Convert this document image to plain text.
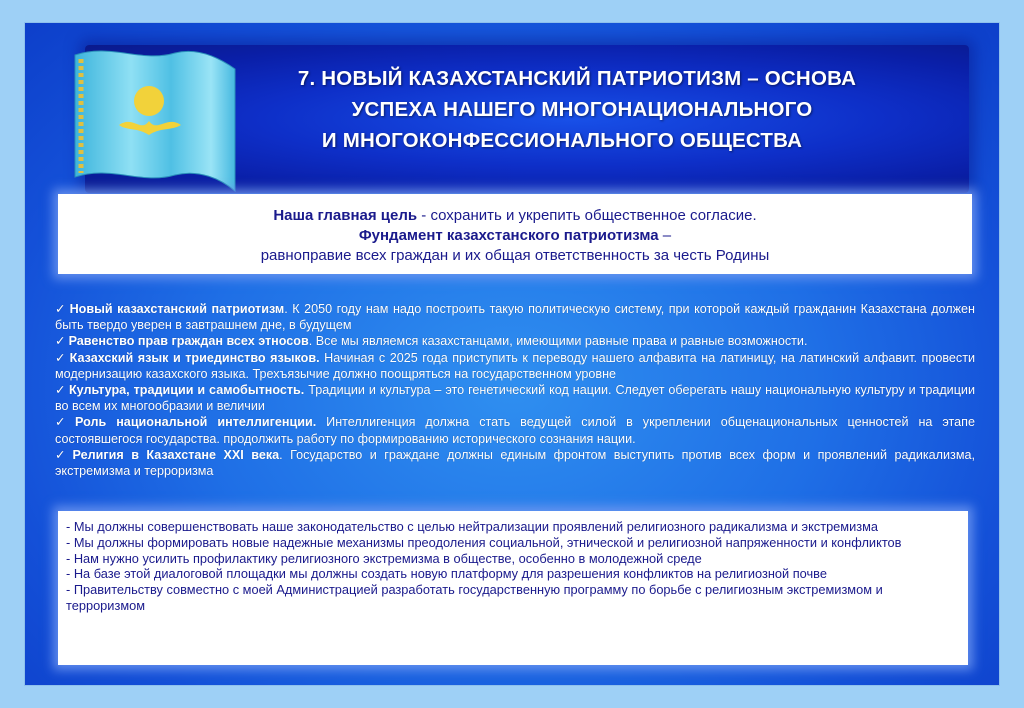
7. НОВЫЙ КАЗАХСТАНСКИЙ ПАТРИОТИЗМ – ОСНОВА
УСПЕХА НАШЕГО МНОГОНАЦИОНАЛЬНОГО
И МНОГОКОНФЕССИОНАЛЬНОГО ОБЩЕСТВА
Наша главная цель - сохранить и укрепить общественное согласие.
Фундамент казахстанского патриотизма –
равноправие всех граждан и их общая ответственность за честь Родины

✓ Новый казахстанский патриотизм. К 2050 году нам надо построить такую политическую систему, при которой каждый гражданин Казахстана должен быть твердо уверен в завтрашнем дне, в будущем

✓ Равенство прав граждан всех этносов. Все мы являемся казахстанцами, имеющими равные права и равные возможности.

✓ Казахский язык и триединство языков. Начиная с 2025 года приступить к переводу нашего алфавита на латиницу, на латинский алфавит. провести модернизацию казахского языка. Трехъязычие должно поощряться на государственном уровне

✓ Культура, традиции и самобытность. Традиции и культура – это генетический код нации. Следует оберегать нашу национальную культуру и традиции во всем их многообразии и величии

✓ Роль национальной интеллигенции. Интеллигенция должна стать ведущей силой в укреплении общенациональных ценностей на этапе состоявшегося государства. продолжить работу по формированию исторического сознания нации.

✓ Религия в Казахстане XXI века. Государство и граждане должны единым фронтом выступить против всех форм и проявлений радикализма, экстремизма и терроризма

- Мы должны совершенствовать наше законодательство с целью нейтрализации проявлений религиозного радикализма и экстремизма

- Мы должны формировать новые надежные механизмы преодоления социальной, этнической и религиозной напряженности и конфликтов

- Нам нужно усилить профилактику религиозного экстремизма в обществе, особенно в молодежной среде

- На базе этой диалоговой площадки мы должны создать новую платформу для разрешения конфликтов на религиозной почве

- Правительству совместно с моей Администрацией разработать государственную программу по борьбе с религиозным экстремизмом и терроризмом
